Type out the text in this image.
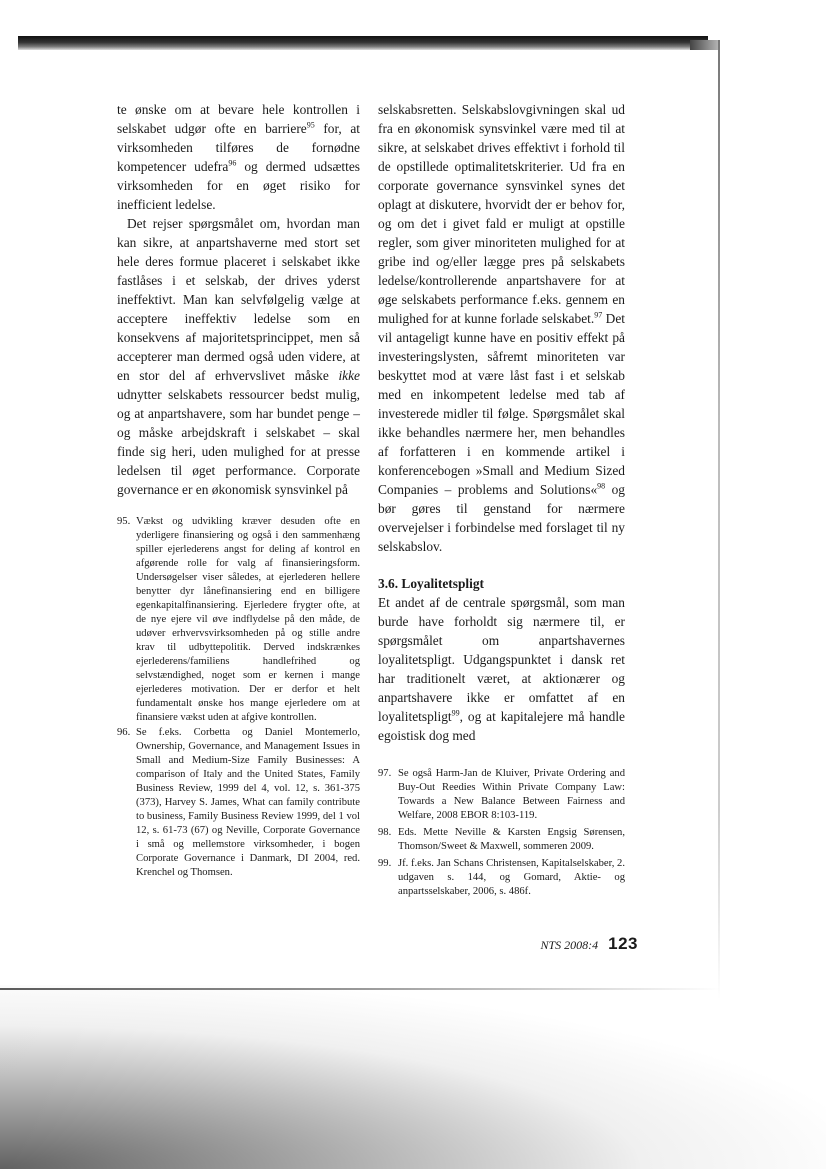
te ønske om at bevare hele kontrollen i selskabet udgør ofte en barriere$^{95}$ for, at virksomheden tilføres de fornødne kompetencer udefra$^{96}$ og dermed udsættes virksomheden for en øget risiko for inefficient ledelse.

Det rejser spørgsmålet om, hvordan man kan sikre, at anpartshaverne med stort set hele deres formue placeret i selskabet ikke fastlåses i et selskab, der drives yderst ineffektivt. Man kan selvfølgelig vælge at acceptere ineffektiv ledelse som en konsekvens af majoritetsprincippet, men så accepterer man dermed også uden videre, at en stor del af erhvervslivet måske ikke udnytter selskabets ressourcer bedst mulig, og at anpartshavere, som har bundet penge – og måske arbejdskraft i selskabet – skal finde sig heri, uden mulighed for at presse ledelsen til øget performance. Corporate governance er en økonomisk synsvinkel på

95. Vækst og udvikling kræver desuden ofte en yderligere finansiering og også i den sammenhæng spiller ejerlederens angst for deling af kontrol en afgørende rolle for valg af finansieringsform. Undersøgelser viser således, at ejerlederen hellere benytter dyr lånefinansiering end en billigere egenkapitalfinansiering. Ejerledere frygter ofte, at de nye ejere vil øve indflydelse på den måde, de udøver erhvervsvirksomheden på og stille andre krav til udbyttepolitik. Derved indskrænkes ejerlederens/familiens handlefrihed og selvstændighed, noget som er kernen i mange ejerlederes motivation. Der er derfor et helt fundamentalt ønske hos mange ejerledere om at finansiere vækst uden at afgive kontrollen.
96. Se f.eks. Corbetta og Daniel Montemerlo, Ownership, Governance, and Management Issues in Small and Medium-Size Family Businesses: A comparison of Italy and the United States, Family Business Review, 1999 del 4, vol. 12, s. 361-375 (373), Harvey S. James, What can family contribute to business, Family Business Review 1999, del 1 vol 12, s. 61-73 (67) og Neville, Corporate Governance i små og mellemstore virksomheder, i bogen Corporate Governance i Danmark, DI 2004, red. Krenchel og Thomsen.

selskabsretten. Selskabslovgivningen skal ud fra en økonomisk synsvinkel være med til at sikre, at selskabet drives effektivt i forhold til de opstillede optimalitetskriterier. Ud fra en corporate governance synsvinkel synes det oplagt at diskutere, hvorvidt der er behov for, og om det i givet fald er muligt at opstille regler, som giver minoriteten mulighed for at gribe ind og/eller lægge pres på selskabets ledelse/kontrollerende anpartshavere for at øge selskabets performance f.eks. gennem en mulighed for at kunne forlade selskabet.$^{97}$ Det vil antageligt kunne have en positiv effekt på investeringslysten, såfremt minoriteten var beskyttet mod at være låst fast i et selskab med en inkompetent ledelse med tab af investerede midler til følge. Spørgsmålet skal ikke behandles nærmere her, men behandles af forfatteren i en kommende artikel i konferencebogen »Small and Medium Sized Companies – problems and Solutions«$^{98}$ og bør gøres til genstand for nærmere overvejelser i forbindelse med forslaget til ny selskabslov.

3.6. Loyalitetspligt

Et andet af de centrale spørgsmål, som man burde have forholdt sig nærmere til, er spørgsmålet om anpartshavernes loyalitetspligt. Udgangspunktet i dansk ret har traditionelt været, at aktionærer og anpartshavere ikke er omfattet af en loyalitetspligt$^{99}$, og at kapitalejere må handle egoistisk dog med

97. Se også Harm-Jan de Kluiver, Private Ordering and Buy-Out Reedies Within Private Company Law: Towards a New Balance Between Fairness and Welfare, 2008 EBOR 8:103-119.
98. Eds. Mette Neville & Karsten Engsig Sørensen, Thomson/Sweet & Maxwell, sommeren 2009.
99. Jf. f.eks. Jan Schans Christensen, Kapitalselskaber, 2. udgaven s. 144, og Gomard, Aktie- og anpartsselskaber, 2006, s. 486f.
NTS 2008:4 123
